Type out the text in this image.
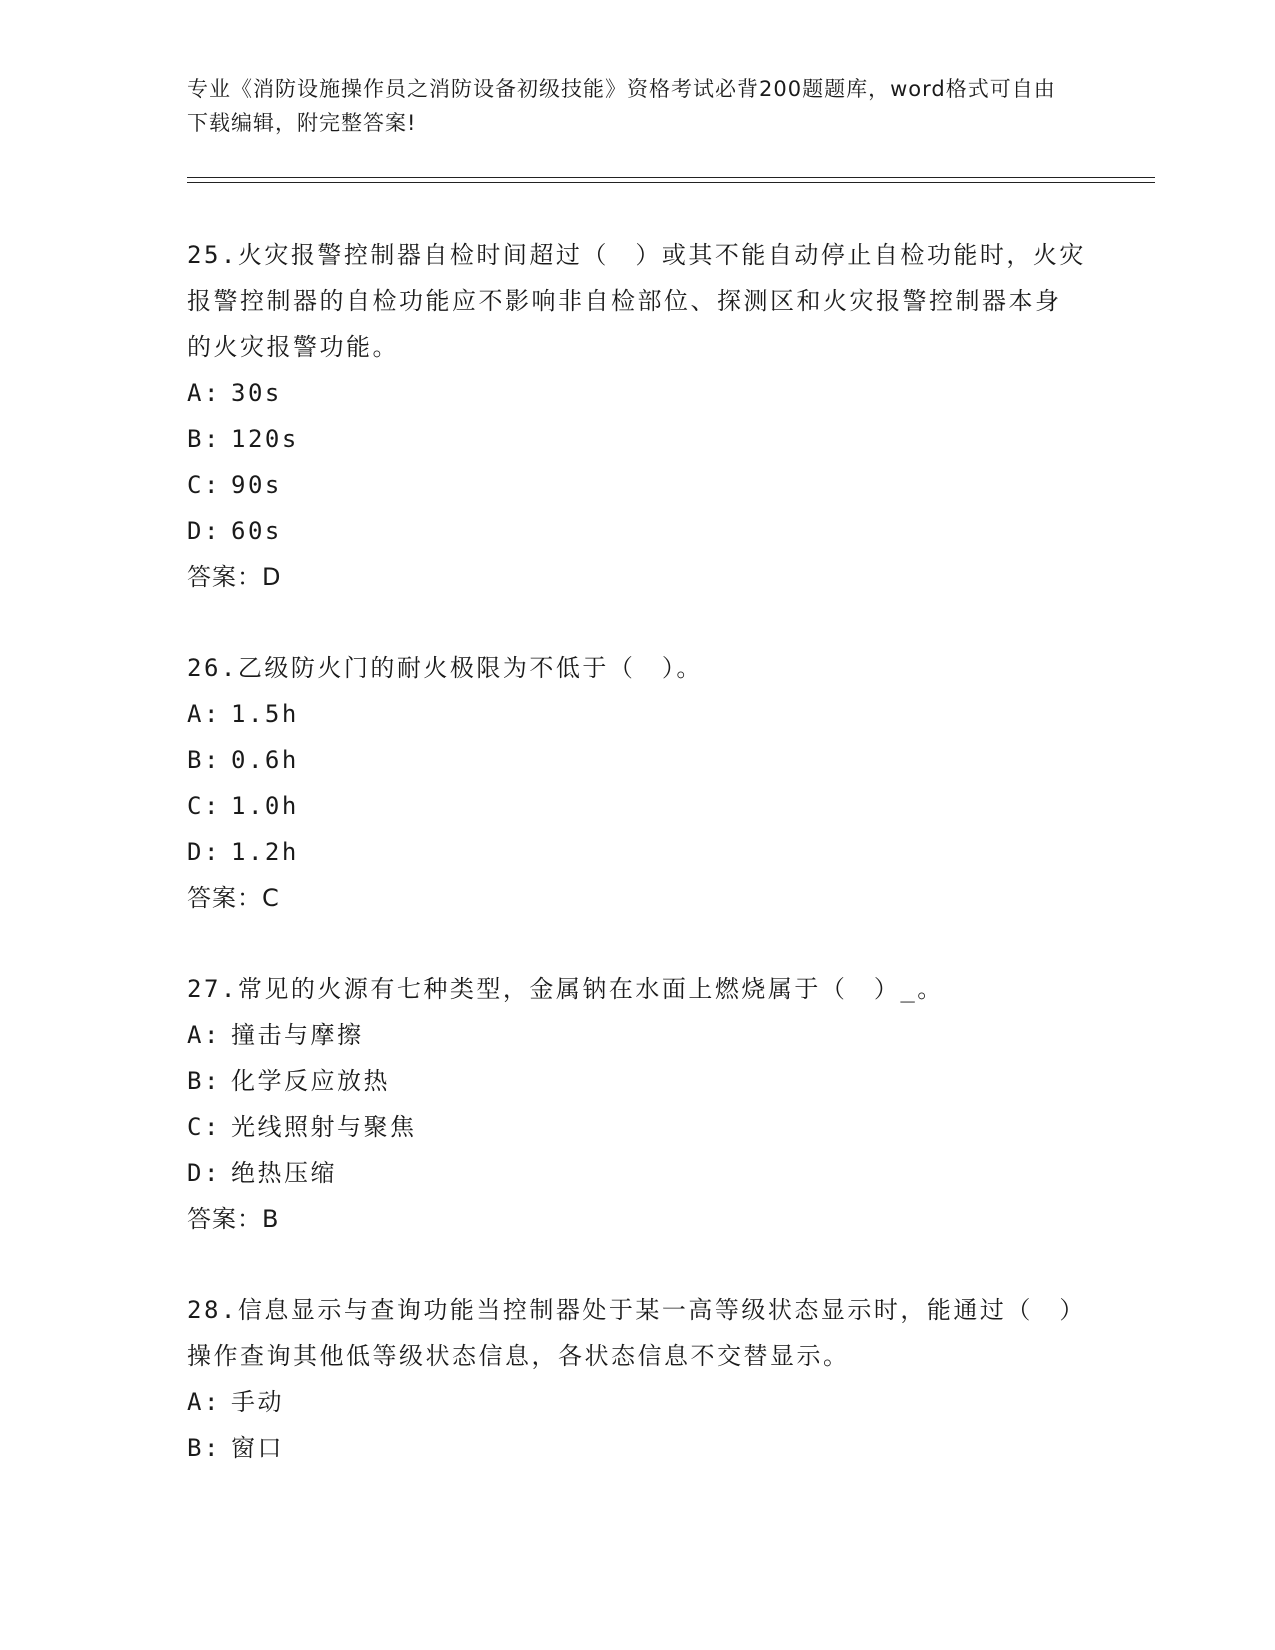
专业《消防设施操作员之消防设备初级技能》资格考试必背200题题库，word格式可自由下载编辑，附完整答案!

25.火灾报警控制器自检时间超过（　）或其不能自动停止自检功能时，火灾报警控制器的自检功能应不影响非自检部位、探测区和火灾报警控制器本身的火灾报警功能。

A: 30s
B: 120s
C: 90s
D: 60s
答案：D

26.乙级防火门的耐火极限为不低于（　）。

A: 1.5h
B: 0.6h
C: 1.0h
D: 1.2h
答案：C

27.常见的火源有七种类型，金属钠在水面上燃烧属于（　）_。

A: 撞击与摩擦
B: 化学反应放热
C: 光线照射与聚焦
D: 绝热压缩
答案：B

28.信息显示与查询功能当控制器处于某一高等级状态显示时，能通过（　）操作查询其他低等级状态信息，各状态信息不交替显示。

A: 手动
B: 窗口
